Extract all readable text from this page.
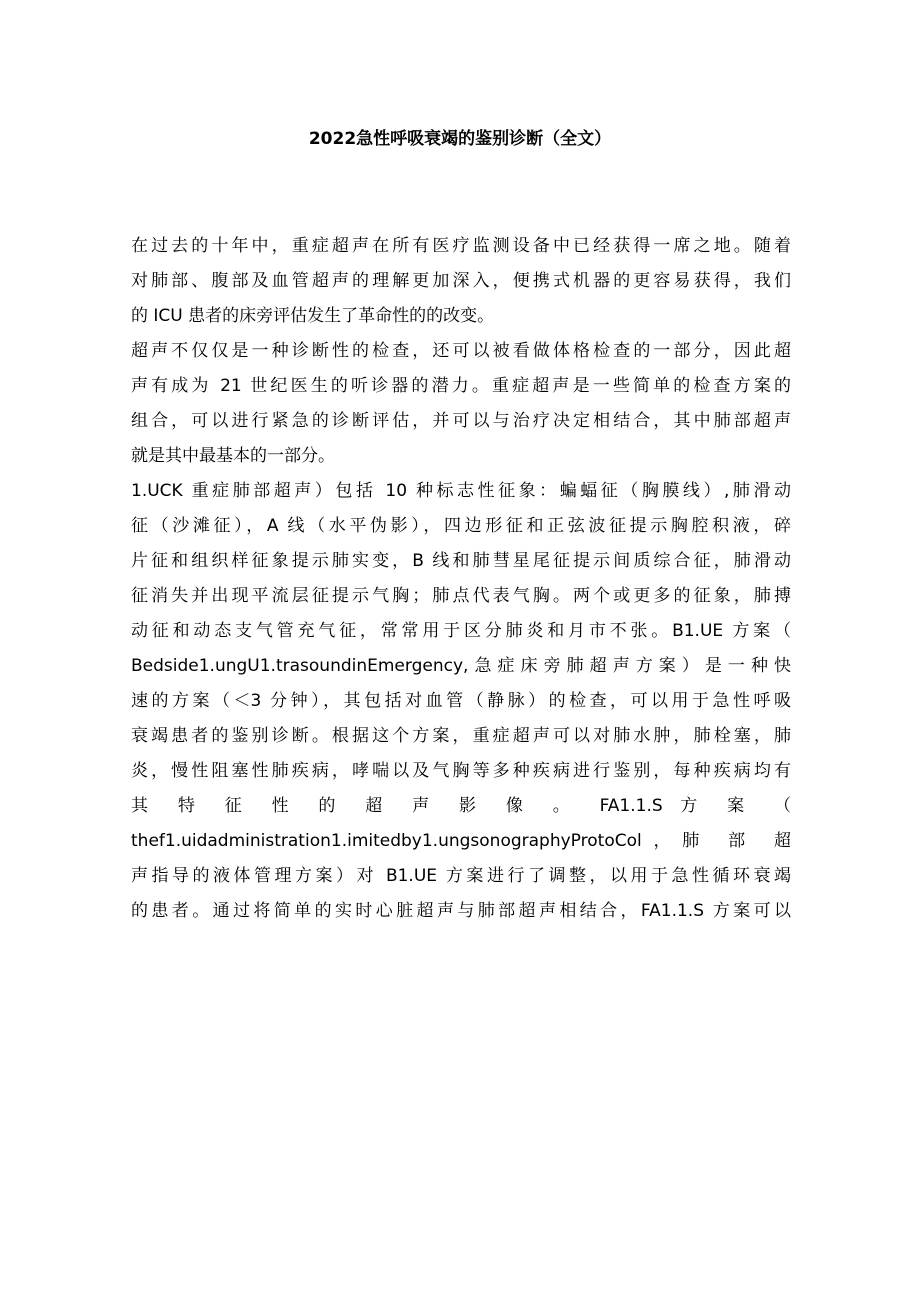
2022急性呼吸衰竭的鉴别诊断（全文）

在过去的十年中，重症超声在所有医疗监测设备中已经获得一席之地。随着

对肺部、腹部及血管超声的理解更加深入，便携式机器的更容易获得，我们

的 ICU 患者的床旁评估发生了革命性的的改变。

超声不仅仅是一种诊断性的检查，还可以被看做体格检查的一部分，因此超

声有成为 21 世纪医生的听诊器的潜力。重症超声是一些简单的检查方案的

组合，可以进行紧急的诊断评估，并可以与治疗决定相结合，其中肺部超声

就是其中最基本的一部分。

1.UCK 重症肺部超声）包括 10 种标志性征象：蝙蝠征（胸膜线）,肺滑动

征（沙滩征），A 线（水平伪影），四边形征和正弦波征提示胸腔积液，碎

片征和组织样征象提示肺实变，B 线和肺彗星尾征提示间质综合征，肺滑动

征消失并出现平流层征提示气胸；肺点代表气胸。两个或更多的征象，肺搏

动征和动态支气管充气征，常常用于区分肺炎和月市不张。B1.UE 方案（

Bedside1.ungU1.trasoundinEmergency,急症床旁肺超声方案）是一种快

速的方案（＜3 分钟），其包括对血管（静脉）的检查，可以用于急性呼吸

衰竭患者的鉴别诊断。根据这个方案，重症超声可以对肺水肿，肺栓塞，肺

炎，慢性阻塞性肺疾病，哮喘以及气胸等多种疾病进行鉴别，每种疾病均有

其 特 征 性 的 超 声 影 像 。 FA1.1.S 方 案 （

thef1.uidadministration1.imitedby1.ungsonographyProtoCol，肺 部 超

声指导的液体管理方案）对 B1.UE 方案进行了调整，以用于急性循环衰竭

的患者。通过将简单的实时心脏超声与肺部超声相结合，FA1.1.S 方案可以
